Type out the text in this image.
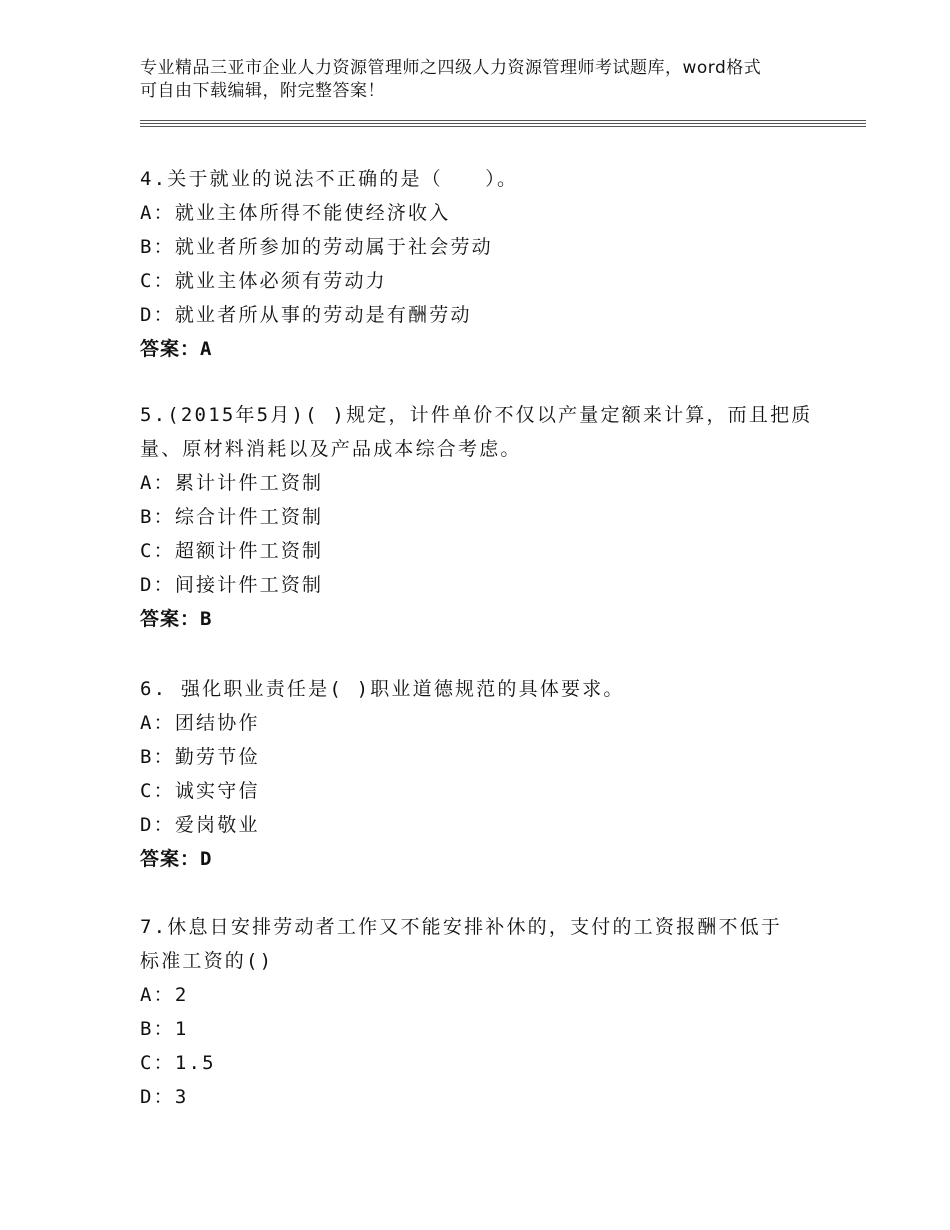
专业精品三亚市企业人力资源管理师之四级人力资源管理师考试题库，word格式
可自由下载编辑，附完整答案！
4.关于就业的说法不正确的是（　　）。
A：就业主体所得不能使经济收入
B：就业者所参加的劳动属于社会劳动
C：就业主体必须有劳动力
D：就业者所从事的劳动是有酬劳动
答案：A
5.(2015年5月)( )规定，计件单价不仅以产量定额来计算，而且把质
量、原材料消耗以及产品成本综合考虑。
A：累计计件工资制
B：综合计件工资制
C：超额计件工资制
D：间接计件工资制
答案：B
6. 强化职业责任是( )职业道德规范的具体要求。
A：团结协作
B：勤劳节俭
C：诚实守信
D：爱岗敬业
答案：D
7.休息日安排劳动者工作又不能安排补休的，支付的工资报酬不低于
标准工资的()
A：2
B：1
C：1.5
D：3
